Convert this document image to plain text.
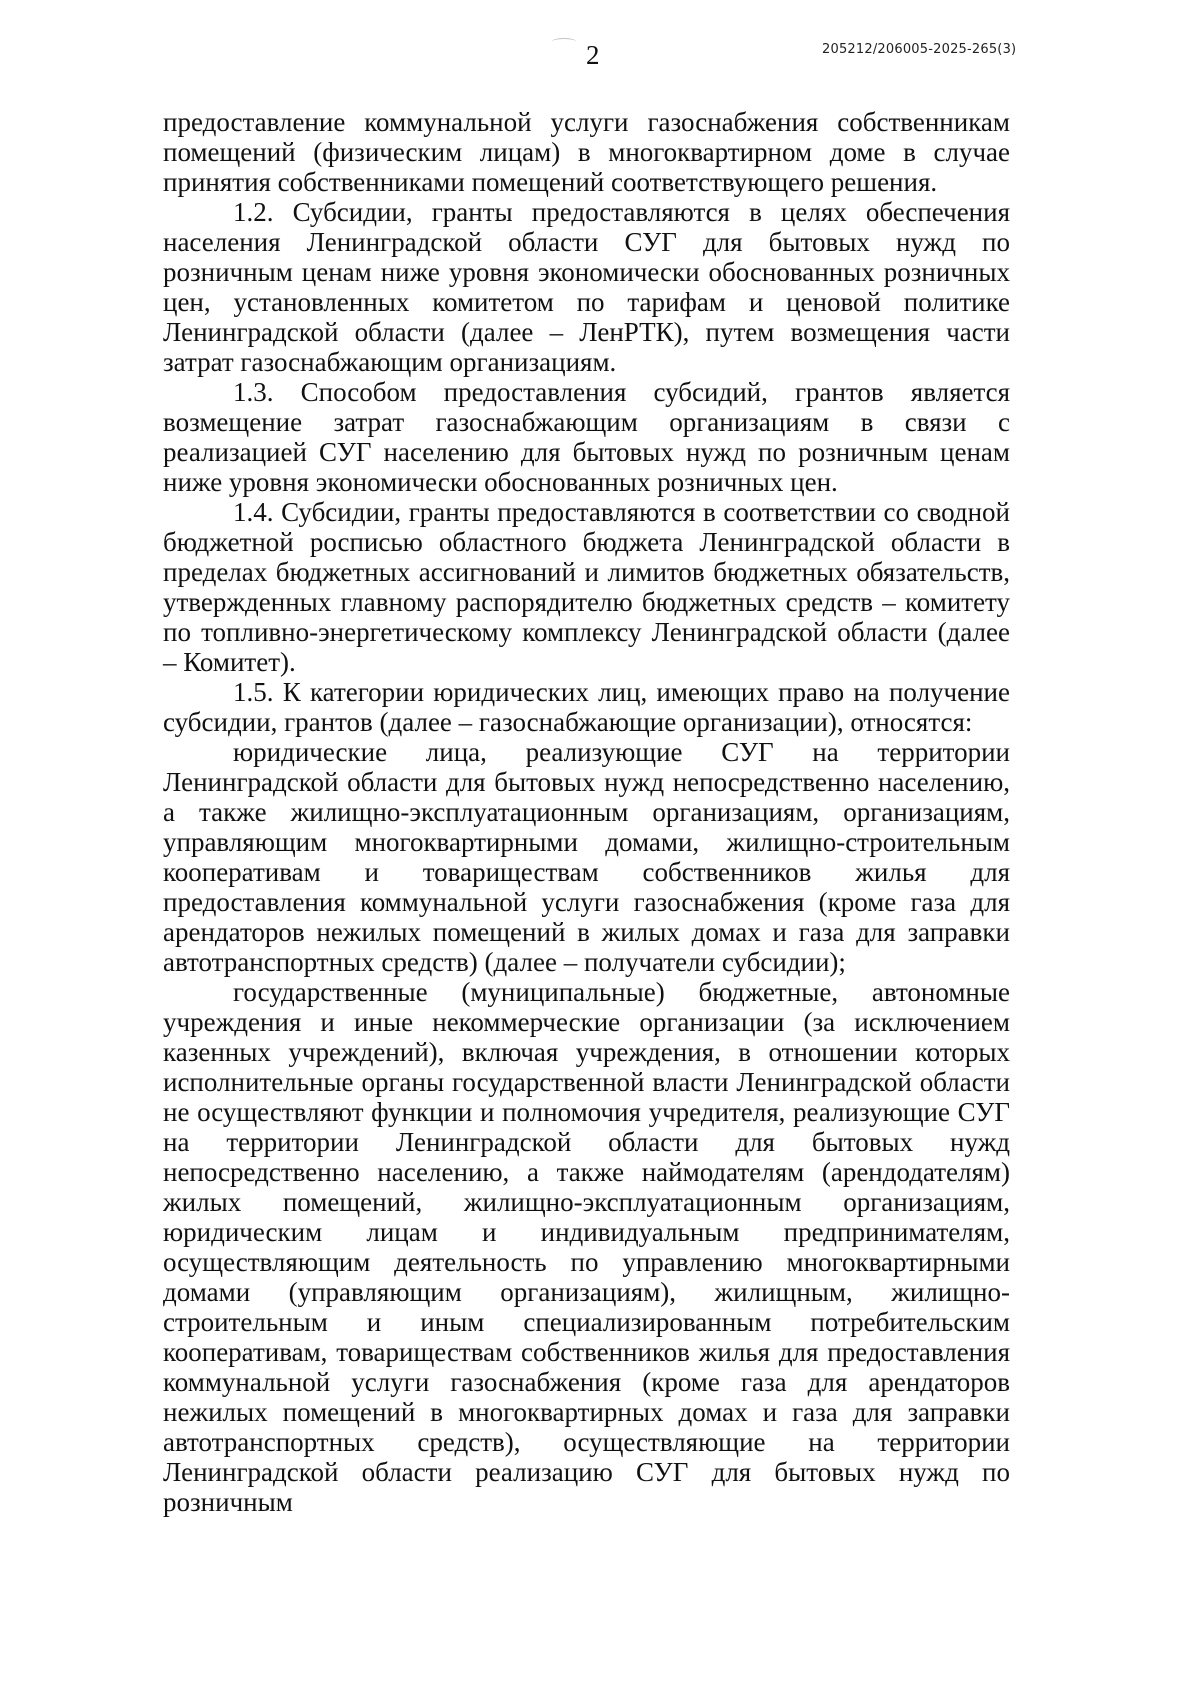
2	205212/206005-2025-265(3)

предоставление коммунальной услуги газоснабжения собственникам помещений (физическим лицам) в многоквартирном доме в случае принятия собственниками помещений соответствующего решения.

1.2. Субсидии, гранты предоставляются в целях обеспечения населения Ленинградской области СУГ для бытовых нужд по розничным ценам ниже уровня экономически обоснованных розничных цен, установленных комитетом по тарифам и ценовой политике Ленинградской области (далее – ЛенРТК), путем возмещения части затрат газоснабжающим организациям.

1.3. Способом предоставления субсидий, грантов является возмещение затрат газоснабжающим организациям в связи с реализацией СУГ населению для бытовых нужд по розничным ценам ниже уровня экономически обоснованных розничных цен.

1.4. Субсидии, гранты предоставляются в соответствии со сводной бюджетной росписью областного бюджета Ленинградской области в пределах бюджетных ассигнований и лимитов бюджетных обязательств, утвержденных главному распорядителю бюджетных средств – комитету по топливно-энергетическому комплексу Ленинградской области (далее – Комитет).

1.5. К категории юридических лиц, имеющих право на получение субсидии, грантов (далее – газоснабжающие организации), относятся:

юридические лица, реализующие СУГ на территории Ленинградской области для бытовых нужд непосредственно населению, а также жилищно-эксплуатационным организациям, организациям, управляющим многоквартирными домами, жилищно-строительным кооперативам и товариществам собственников жилья для предоставления коммунальной услуги газоснабжения (кроме газа для арендаторов нежилых помещений в жилых домах и газа для заправки автотранспортных средств) (далее – получатели субсидии);

государственные (муниципальные) бюджетные, автономные учреждения и иные некоммерческие организации (за исключением казенных учреждений), включая учреждения, в отношении которых исполнительные органы государственной власти Ленинградской области не осуществляют функции и полномочия учредителя, реализующие СУГ на территории Ленинградской области для бытовых нужд непосредственно населению, а также наймодателям (арендодателям) жилых помещений, жилищно-эксплуатационным организациям, юридическим лицам и индивидуальным предпринимателям, осуществляющим деятельность по управлению многоквартирными домами (управляющим организациям), жилищным, жилищно-строительным и иным специализированным потребительским кооперативам, товариществам собственников жилья для предоставления коммунальной услуги газоснабжения (кроме газа для арендаторов нежилых помещений в многоквартирных домах и газа для заправки автотранспортных средств), осуществляющие на территории Ленинградской области реализацию СУГ для бытовых нужд по розничным
